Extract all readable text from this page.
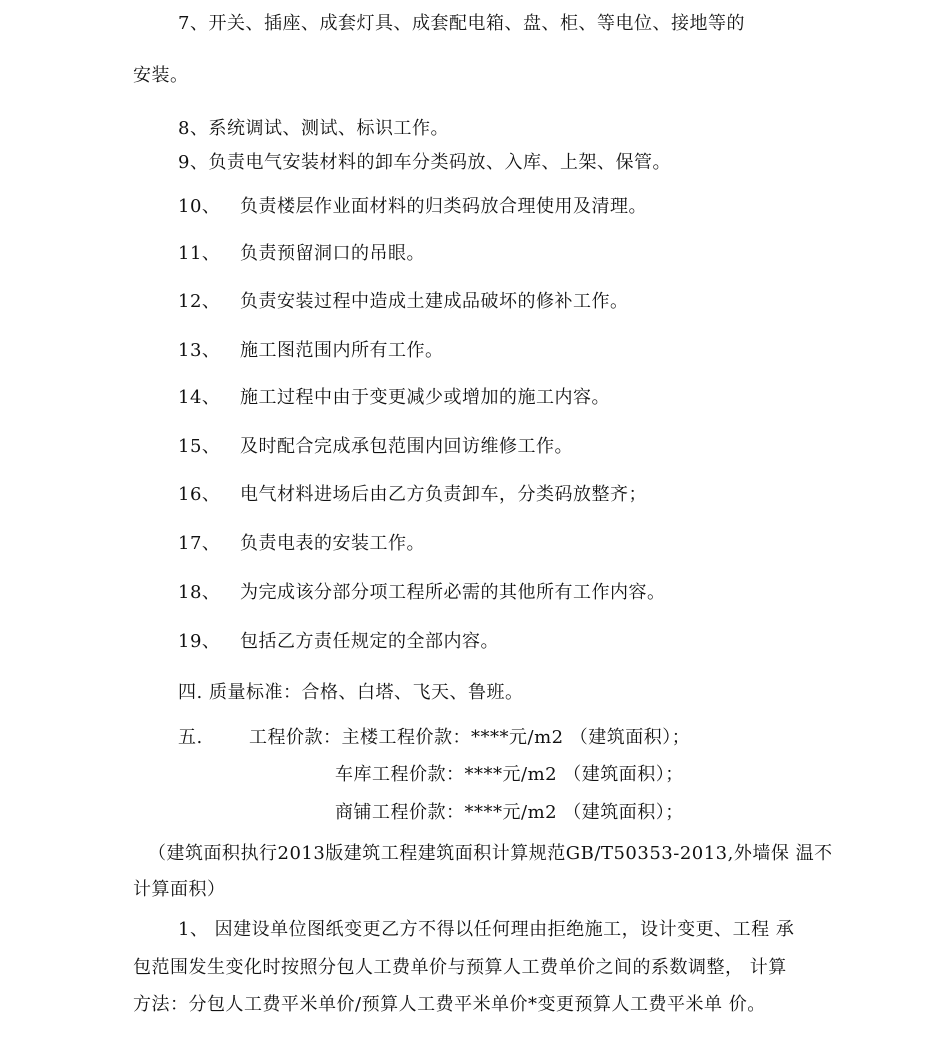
7、开关、插座、成套灯具、成套配电箱、盘、柜、等电位、接地等的
安装。
8、系统调试、测试、标识工作。
9、负责电气安装材料的卸车分类码放、入库、上架、保管。
10、 负责楼层作业面材料的归类码放合理使用及清理。
11、 负责预留洞口的吊眼。
12、 负责安装过程中造成土建成品破坏的修补工作。
13、 施工图范围内所有工作。
14、 施工过程中由于变更减少或增加的施工内容。
15、 及时配合完成承包范围内回访维修工作。
16、 电气材料进场后由乙方负责卸车，分类码放整齐；
17、 负责电表的安装工作。
18、 为完成该分部分项工程所必需的其他所有工作内容。
19、 包括乙方责任规定的全部内容。
四. 质量标准：合格、白塔、飞天、鲁班。
五.	工程价款：主楼工程价款：****元/m2 （建筑面积）；
车库工程价款：****元/m2 （建筑面积）；
商铺工程价款：****元/m2 （建筑面积）；
（建筑面积执行2013版建筑工程建筑面积计算规范GB/T50353-2013,外墙保 温不
计算面积）
1、 因建设单位图纸变更乙方不得以任何理由拒绝施工，设计变更、工程 承
包范围发生变化时按照分包人工费单价与预算人工费单价之间的系数调整， 计算
方法：分包人工费平米单价/预算人工费平米单价*变更预算人工费平米单 价。
